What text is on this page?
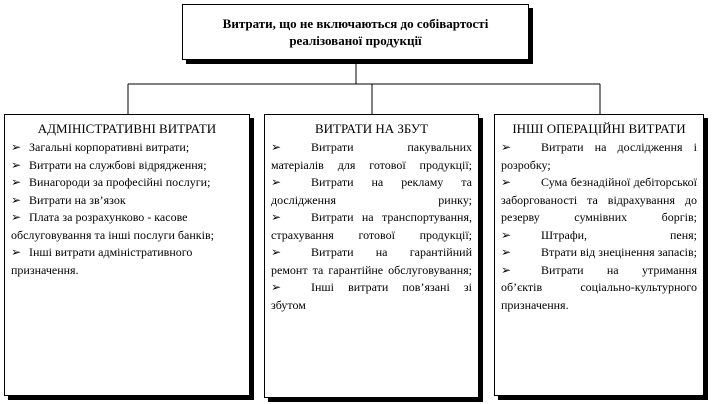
Витрати, що не включаються до собівартості реалізованої продукції
АДМІНІСТРАТИВНІ ВИТРАТИ
➢ Загальні корпоративні витрати;
➢ Витрати на службові відрядження;
➢ Винагороди за професійні послуги;
➢ Витрати на зв’язок
➢ Плата за розрахунково - касове обслуговування та інші послуги банків;
➢ Інші витрати адміністративного призначення.
ВИТРАТИ НА ЗБУТ
➢ Витрати пакувальних матеріалів для готової продукції;
➢ Витрати на рекламу та дослідження ринку;
➢ Витрати на транспортування, страхування готової продукції;
➢ Витрати на гарантійний ремонт та гарантійне обслуговування;
➢ Інші витрати пов’язані зі збутом
ІНШІ ОПЕРАЦІЙНІ ВИТРАТИ
➢ Витрати на дослідження і розробку;
➢ Сума безнадійної дебіторської заборгованості та відрахування до резерву сумнівних боргів;
➢ Штрафи, пеня;
➢ Втрати від знецінення запасів;
➢ Витрати на утримання об’єктів соціально-культурного призначення.
